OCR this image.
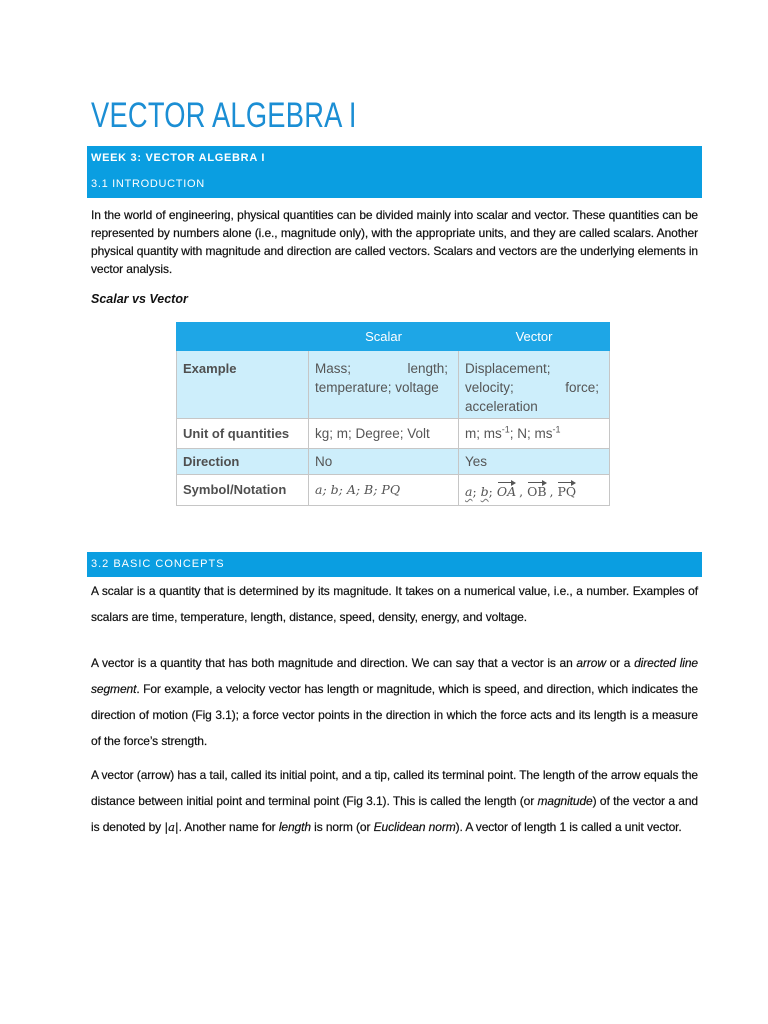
VECTOR ALGEBRA I
WEEK 3: VECTOR ALGEBRA I
3.1 INTRODUCTION

In the world of engineering, physical quantities can be divided mainly into scalar and vector. These quantities can be represented by numbers alone (i.e., magnitude only), with the appropriate units, and they are called scalars. Another physical quantity with magnitude and direction are called vectors. Scalars and vectors are the underlying elements in vector analysis.

Scalar vs Vector
	Scalar	Vector
Example	Mass; length; temperature; voltage	Displacement; velocity; force; acceleration
Unit of quantities	kg; m; Degree; Volt	m; $ms^{-1}$; N; $ms^{-1}$
Direction	No	Yes
Symbol/Notation	a; b; A; B; PQ	a; b; OA , OB , PQ
3.2 BASIC CONCEPTS

A scalar is a quantity that is determined by its magnitude. It takes on a numerical value, i.e., a number. Examples of scalars are time, temperature, length, distance, speed, density, energy, and voltage.

A vector is a quantity that has both magnitude and direction. We can say that a vector is an arrow or a directed line segment. For example, a velocity vector has length or magnitude, which is speed, and direction, which indicates the direction of motion (Fig 3.1); a force vector points in the direction in which the force acts and its length is a measure of the force’s strength.

A vector (arrow) has a tail, called its initial point, and a tip, called its terminal point. The length of the arrow equals the distance between initial point and terminal point (Fig 3.1). This is called the length (or magnitude) of the vector a and is denoted by |a|. Another name for length is norm (or Euclidean norm). A vector of length 1 is called a unit vector.
